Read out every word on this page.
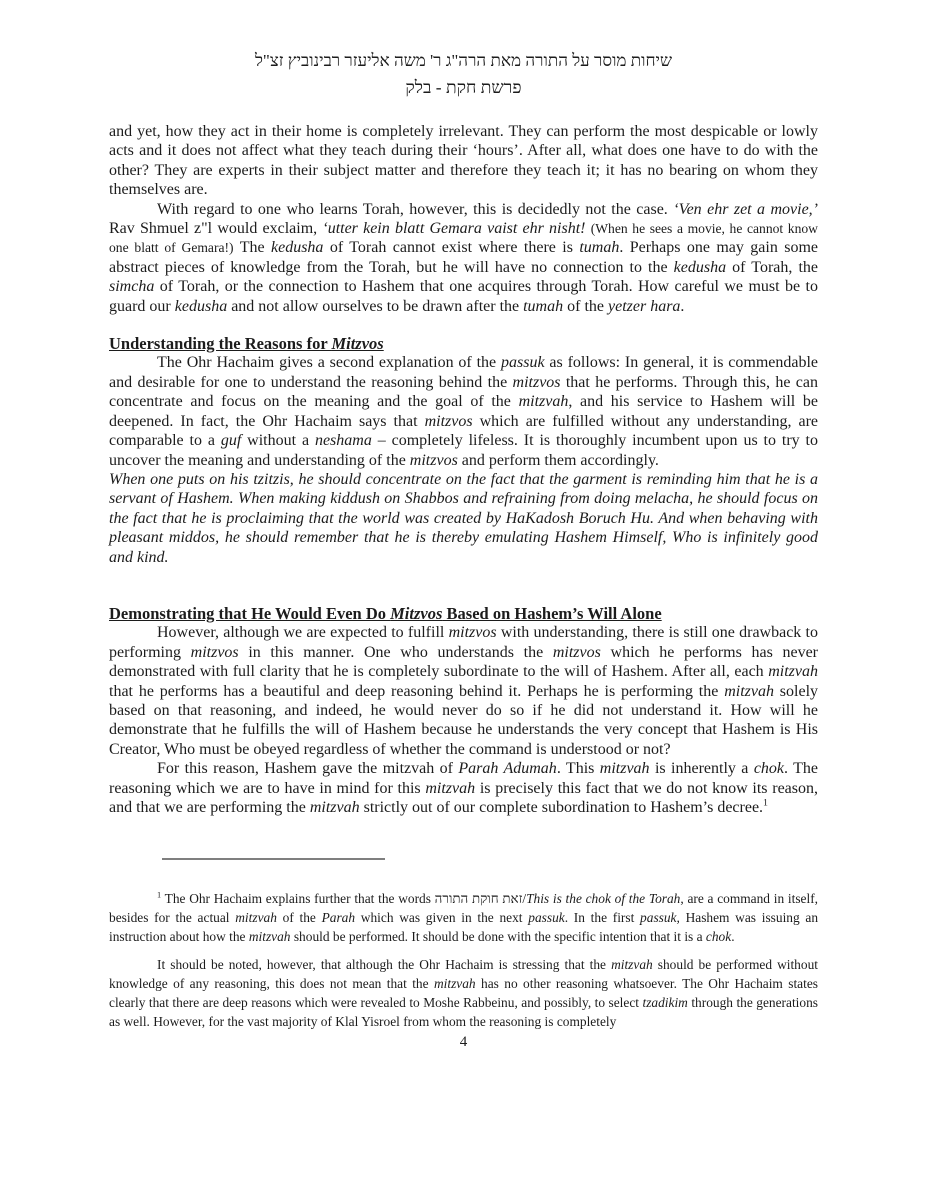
שיחות מוסר על התורה מאת הרה"ג ר' משה אליעזר רבינוביץ זצ"ל

פרשת חקת - בלק

and yet, how they act in their home is completely irrelevant. They can perform the most despicable or lowly acts and it does not affect what they teach during their ‘hours’. After all, what does one have to do with the other? They are experts in their subject matter and therefore they teach it; it has no bearing on whom they themselves are.

With regard to one who learns Torah, however, this is decidedly not the case. ‘Ven ehr zet a movie,’ Rav Shmuel z"l would exclaim, ‘utter kein blatt Gemara vaist ehr nisht! (When he sees a movie, he cannot know one blatt of Gemara!) The kedusha of Torah cannot exist where there is tumah. Perhaps one may gain some abstract pieces of knowledge from the Torah, but he will have no connection to the kedusha of Torah, the simcha of Torah, or the connection to Hashem that one acquires through Torah. How careful we must be to guard our kedusha and not allow ourselves to be drawn after the tumah of the yetzer hara.

Understanding the Reasons for Mitzvos

The Ohr Hachaim gives a second explanation of the passuk as follows: In general, it is commendable and desirable for one to understand the reasoning behind the mitzvos that he performs. Through this, he can concentrate and focus on the meaning and the goal of the mitzvah, and his service to Hashem will be deepened. In fact, the Ohr Hachaim says that mitzvos which are fulfilled without any understanding, are comparable to a guf without a neshama – completely lifeless. It is thoroughly incumbent upon us to try to uncover the meaning and understanding of the mitzvos and perform them accordingly.

When one puts on his tzitzis, he should concentrate on the fact that the garment is reminding him that he is a servant of Hashem. When making kiddush on Shabbos and refraining from doing melacha, he should focus on the fact that he is proclaiming that the world was created by HaKadosh Boruch Hu. And when behaving with pleasant middos, he should remember that he is thereby emulating Hashem Himself, Who is infinitely good and kind.

Demonstrating that He Would Even Do Mitzvos Based on Hashem’s Will Alone

However, although we are expected to fulfill mitzvos with understanding, there is still one drawback to performing mitzvos in this manner. One who understands the mitzvos which he performs has never demonstrated with full clarity that he is completely subordinate to the will of Hashem. After all, each mitzvah that he performs has a beautiful and deep reasoning behind it. Perhaps he is performing the mitzvah solely based on that reasoning, and indeed, he would never do so if he did not understand it. How will he demonstrate that he fulfills the will of Hashem because he understands the very concept that Hashem is His Creator, Who must be obeyed regardless of whether the command is understood or not?

For this reason, Hashem gave the mitzvah of Parah Adumah. This mitzvah is inherently a chok. The reasoning which we are to have in mind for this mitzvah is precisely this fact that we do not know its reason, and that we are performing the mitzvah strictly out of our complete subordination to Hashem’s decree.$^1$

$^1$ The Ohr Hachaim explains further that the words זאת חוקת התורה/This is the chok of the Torah, are a command in itself, besides for the actual mitzvah of the Parah which was given in the next passuk. In the first passuk, Hashem was issuing an instruction about how the mitzvah should be performed. It should be done with the specific intention that it is a chok.

It should be noted, however, that although the Ohr Hachaim is stressing that the mitzvah should be performed without knowledge of any reasoning, this does not mean that the mitzvah has no other reasoning whatsoever. The Ohr Hachaim states clearly that there are deep reasons which were revealed to Moshe Rabbeinu, and possibly, to select tzadikim through the generations as well. However, for the vast majority of Klal Yisroel from whom the reasoning is completely

4
